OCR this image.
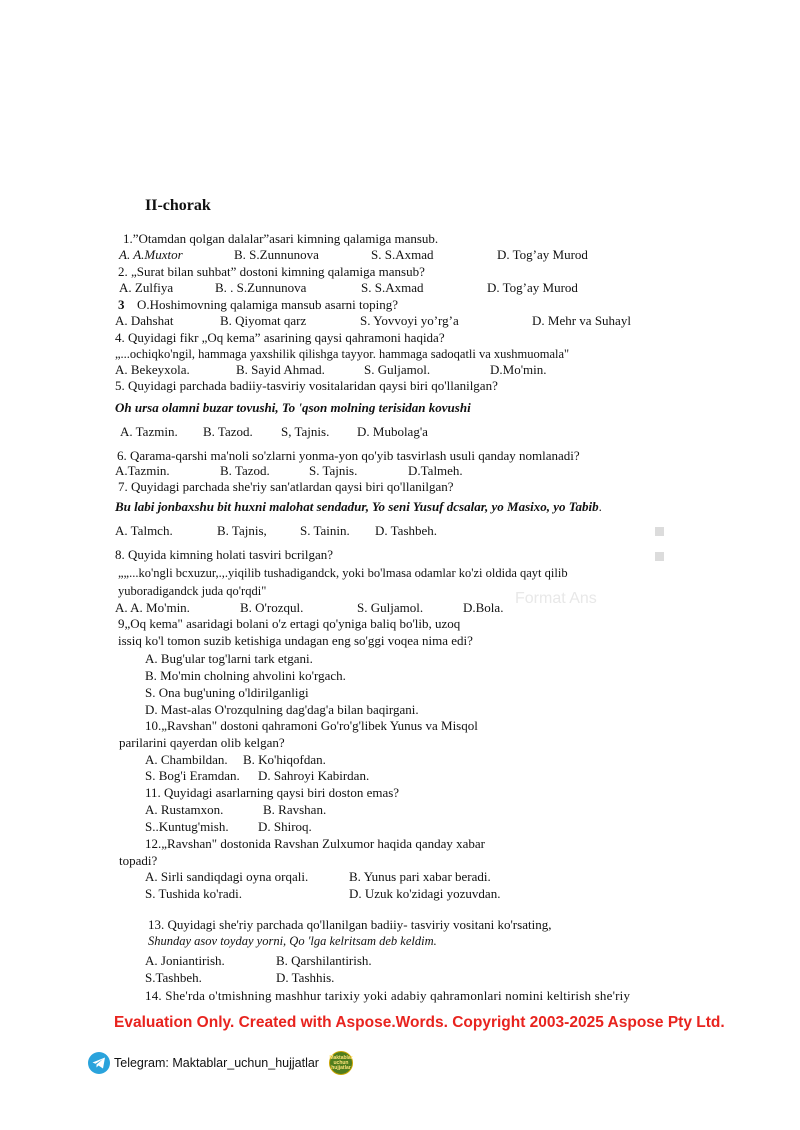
Format Ans
II-chorak
1.”Otamdan qolgan dalalar”asari kimning qalamiga mansub.
A. A.Muxtor	B. S.Zunnunova	S. S.Axmad	D. Tog’ay Murod
2. „Surat bilan suhbat” dostoni kimning qalamiga mansub?
A. Zulfiya	B. . S.Zunnunova	S. S.Axmad	D. Tog’ay Murod
3 O.Hoshimovning qalamiga mansub asarni toping?
A. Dahshat	B. Qiyomat qarz	S. Yovvoyi yo’rg’a	D. Mehr va Suhayl
4. Quyidagi fikr „Oq kema” asarining qaysi qahramoni haqida?
„...ochiqko'ngil, hammaga yaxshilik qilishga tayyor. hammaga sadoqatli va xushmuomala"
A. Bekeyxola.	B. Sayid Ahmad.	S. Guljamol.	D.Mo'min.
5. Quyidagi parchada badiiy-tasviriy vositalaridan qaysi biri qo'llanilgan?
Oh ursa olamni buzar tovushi, To 'qson molning terisidan kovushi
A. Tazmin. B. Tazod. S, Tajnis. D. Mubolag'a
6. Qarama-qarshi ma'noli so'zlarni yonma-yon qo'yib tasvirlash usuli qanday nomlanadi?
A.Tazmin.	B. Tazod.	S. Tajnis.	D.Talmeh.
7. Quyidagi parchada she'riy san'atlardan qaysi biri qo'llanilgan?
Bu labi jonbaxshu bit huxni malohat sendadur, Yo seni Yusuf dcsalar, yo Masixo, yo Tabib.
A. Talmch.	B. Tajnis,	S. Tainin. D. Tashbeh.
8. Quyida kimning holati tasviri bcrilgan?
„„...ko'ngli bcxuzur,.,.yiqilib tushadigandck, yoki bo'lmasa odamlar ko'zi oldida qayt qilib
yuboradigandck juda qo'rqdi"
A. A. Mo'min.	B. O'rozqul.	S. Guljamol.	D.Bola.
9„Oq kema" asaridagi bolani o'z ertagi qo'yniga baliq bo'lib, uzoq
issiq ko'l tomon suzib ketishiga undagan eng so'ggi voqea nima edi?
A. Bug'ular tog'larni tark etgani.
B. Mo'min cholning ahvolini ko'rgach.
S. Ona bug'uning o'ldirilganligi
D. Mast-alas O'rozqulning dag'dag'a bilan baqirgani.
10.„Ravshan" dostoni qahramoni Go'ro'g'libek Yunus va Misqol
parilarini qayerdan olib kelgan?
A. Chambildan. B. Ko'hiqofdan.
S. Bog'i Eramdan. D. Sahroyi Kabirdan.
11. Quyidagi asarlarning qaysi biri doston emas?
A. Rustamxon.	B. Ravshan.
S..Kuntug'mish. D. Shiroq.
12.„Ravshan" dostonida Ravshan Zulxumor haqida qanday xabar
topadi?
A. Sirli sandiqdagi oyna orqali.	B. Yunus pari xabar beradi.
S. Tushida ko'radi.	D. Uzuk ko'zidagi yozuvdan.
13. Quyidagi she'riy parchada qo'llanilgan badiiy- tasviriy vositani ko'rsating,
Shunday asov toyday yorni, Qo 'lga kelritsam deb keldim.
A. Joniantirish.	B. Qarshilantirish.
S.Tashbeh.	D. Tashhis.
14. She'rda o'tmishning mashhur tarixiy yoki adabiy qahramonlari nomini keltirish she'riy
Evaluation Only. Created with Aspose.Words. Copyright 2003-2025 Aspose Pty Ltd.
Telegram: Maktablar_uchun_hujjatlar Maktablar uchun hujjatlar
